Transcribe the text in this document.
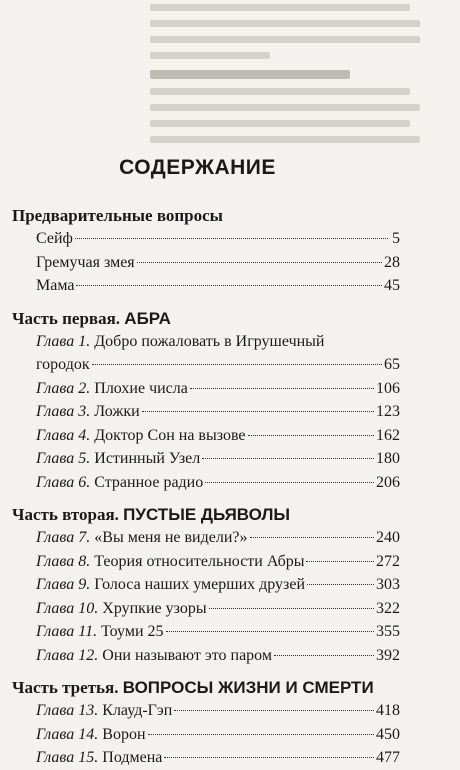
СОДЕРЖАНИЕ
Предварительные вопросы
Сейф	5
Гремучая змея	28
Мама	45
Часть первая. АБРА
Глава 1. Добро пожаловать в Игрушечный
городок	65
Глава 2. Плохие числа	106
Глава 3. Ложки	123
Глава 4. Доктор Сон на вызове	162
Глава 5. Истинный Узел	180
Глава 6. Странное радио	206
Часть вторая. ПУСТЫЕ ДЬЯВОЛЫ
Глава 7. «Вы меня не видели?»	240
Глава 8. Теория относительности Абры	272
Глава 9. Голоса наших умерших друзей	303
Глава 10. Хрупкие узоры	322
Глава 11. Тоуми 25	355
Глава 12. Они называют это паром	392
Часть третья. ВОПРОСЫ ЖИЗНИ И СМЕРТИ
Глава 13. Клауд-Гэп	418
Глава 14. Ворон	450
Глава 15. Подмена	477
